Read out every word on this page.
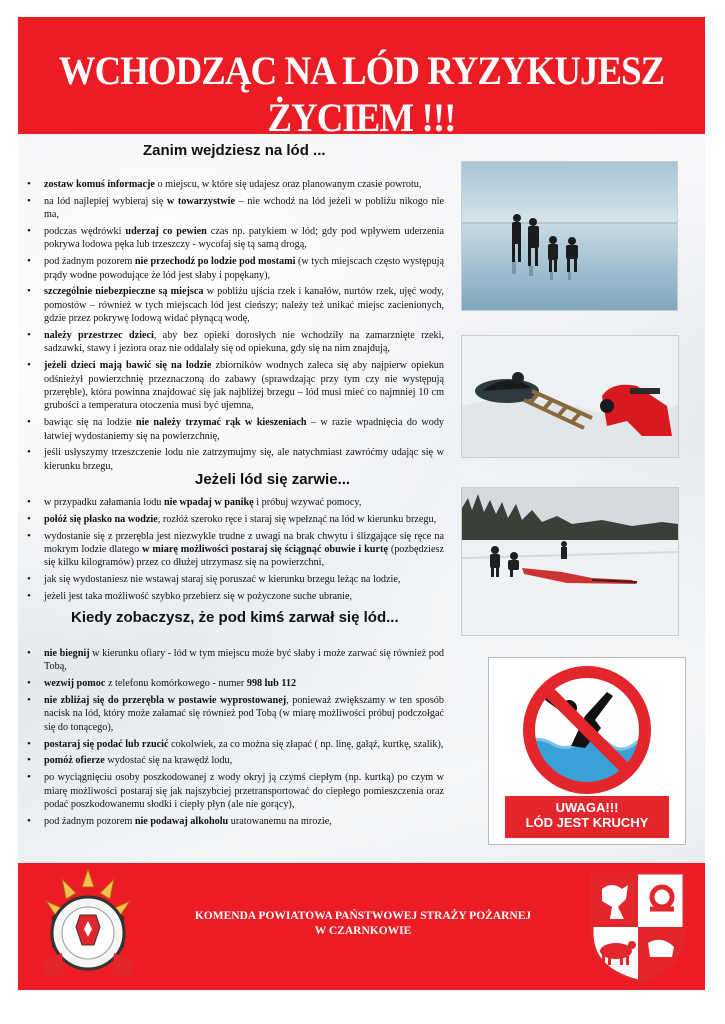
WCHODZĄC NA LÓD RYZYKUJESZ ŻYCIEM !!!
Zanim wejdziesz na lód ...
• zostaw komuś informacje o miejscu, w które się udajesz oraz planowanym czasie powrotu,
• na lód najlepiej wybieraj się w towarzystwie – nie wchodź na lód jeżeli w pobliżu nikogo nie ma,
• podczas wędrówki uderzaj co pewien czas np. patykiem w lód; gdy pod wpływem uderzenia pokrywa lodowa pęka lub trzeszczy - wycofaj się tą samą drogą,
• pod żadnym pozorem nie przechodź po lodzie pod mostami (w tych miejscach często występują prądy wodne powodujące że lód jest słaby i popękany),
• szczególnie niebezpieczne są miejsca w pobliżu ujścia rzek i kanałów, nurtów rzek, ujęć wody, pomostów – również w tych miejscach lód jest cieńszy; należy też unikać miejsc zacienionych, gdzie przez pokrywę lodową widać płynącą wodę,
• należy przestrzec dzieci, aby bez opieki dorosłych nie wchodziły na zamarznięte rzeki, sadzawki, stawy i jeziora oraz nie oddalały się od opiekuna, gdy się na nim znajdują,
• jeżeli dzieci mają bawić się na lodzie zbiorników wodnych zaleca się aby najpierw opiekun odśnieżył powierzchnię przeznaczoną do zabawy (sprawdzając przy tym czy nie występują przeręble), która powinna znajdować się jak najbliżej brzegu – lód musi mieć co najmniej 10 cm grubości a temperatura otoczenia musi być ujemna,
• bawiąc się na lodzie nie należy trzymać rąk w kieszeniach – w razie wpadnięcia do wody łatwiej wydostaniemy się na powierzchnię,
• jeśli usłyszymy trzeszczenie lodu nie zatrzymujmy się, ale natychmiast zawróćmy udając się w kierunku brzegu,
Jeżeli lód się zarwie...
• w przypadku załamania lodu nie wpadaj w panikę i próbuj wzywać pomocy,
• połóż się płasko na wodzie, rozłóż szeroko ręce i staraj się wpełznąć na lód w kierunku brzegu,
• wydostanie się z przerębla jest niezwykle trudne z uwagi na brak chwytu i ślizgające się ręce na mokrym lodzie dlatego w miarę możliwości postaraj się ściągnąć obuwie i kurtę (pozbędziesz się kilku kilogramów) przez co dłużej utrzymasz się na powierzchni,
• jak się wydostaniesz nie wstawaj staraj się poruszać w kierunku brzegu leżąc na lodzie,
• jeżeli jest taka możliwość szybko przebierz się w pożyczone suche ubranie,
Kiedy zobaczysz, że pod kimś zarwał się lód...
• nie biegnij w kierunku ofiary - lód w tym miejscu może być słaby i może zarwać się również pod Tobą,
• wezwij pomoc z telefonu komórkowego - numer 998 lub 112
• nie zbliżaj się do przerębla w postawie wyprostowanej, ponieważ zwiększamy w ten sposób nacisk na lód, który może załamać się również pod Tobą (w miarę możliwości próbuj podczołgać się do tonącego),
• postaraj się podać lub rzucić cokolwiek, za co można się złapać ( np. linę, gałąź, kurtkę, szalik),
• pomóż ofierze wydostać się na krawędź lodu,
• po wyciągnięciu osoby poszkodowanej z wody okryj ją czymś ciepłym (np. kurtką) po czym w miarę możliwości postaraj się jak najszybciej przetransportować do ciepłego pomieszczenia oraz podać poszkodowanemu słodki i ciepły płyn (ale nie gorący),
• pod żadnym pozorem nie podawaj alkoholu uratowanemu na mrozie,
UWAGA!!!
LÓD JEST KRUCHY
KOMENDA POWIATOWA PAŃSTWOWEJ STRAŻY POŻARNEJ
W CZARNKOWIE
